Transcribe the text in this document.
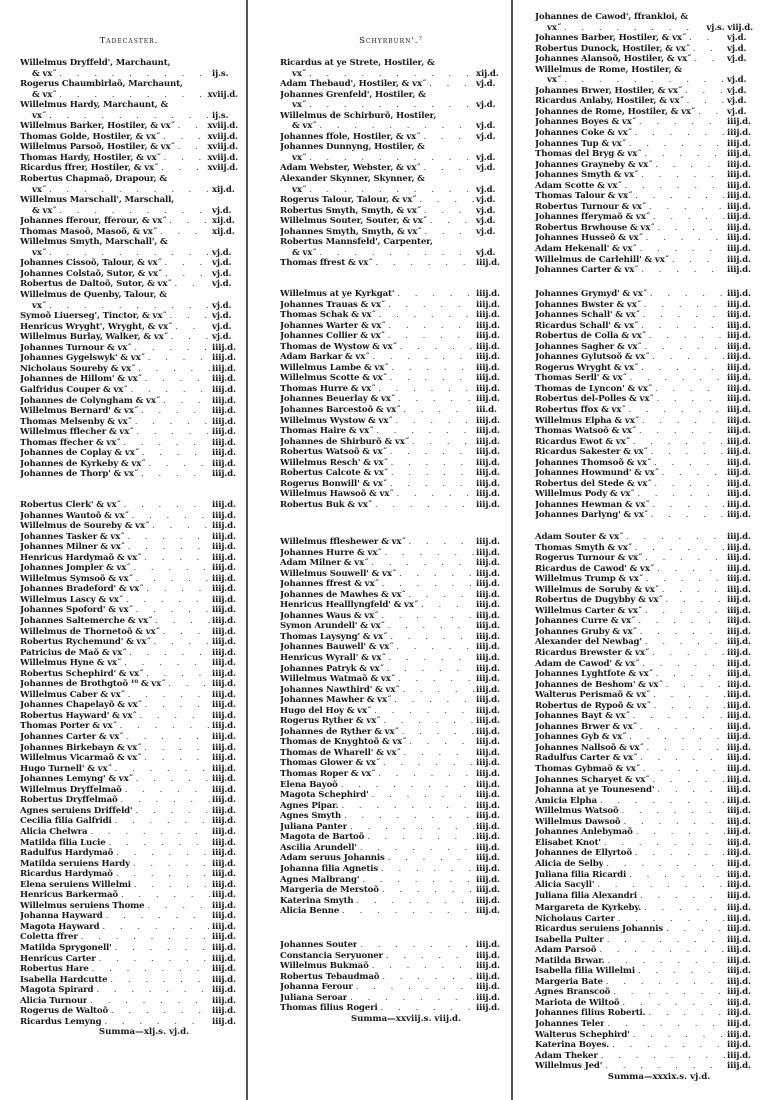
Tadecaster.
Willelmus Dryffeld', Marchaunt,
& vx˝ . . .	ij.s.
Rogerus Chaumbirlaõ, Marchaunt,
& vx˝ . . .	xviij.d.
Willelmus Hardy, Marchaunt, &
vx˝ . . .	ij.s.
Willelmus Barker, Hostiler, & vx˝ . . .	xviij.d.
Thomas Golde, Hostiler, & vx˝ . . .	xviij.d.
Willelmus Parsoõ, Hostiler, & vx˝ . . .	xviij.d.
Thomas Hardy, Hostiler, & vx˝ . . .	xviij.d.
Ricardus ffrer, Hostiler, & vx˝ . . .	xviij.d.
Robertus Chapmaõ, Drapour, &
vx˝ . . .	xij.d.
Willelmus Marschall', Marschall,
& vx˝ . . .	vj.d.
Johannes fferour, fferour, & vx˝ . . .	xij.d.
Thomas Masoõ, Masoõ, & vx˝ . . .	xij.d.
Willelmus Smyth, Marschall', &
vx˝ . . .	vj.d.
Johannes Cissoõ, Talour, & vx˝ . . .	vj.d.
Johannes Colstaõ, Sutor, & vx˝ . . .	vj.d.
Robertus de Daltoõ, Sutor, & vx˝ . . .	vj.d.
Willelmus de Quenby, Talour, &
vx˝ . . .	vj.d.
Symoõ Liuerseg', Tinctor, & vx˝ . . .	vj.d.
Henricus Wryght', Wryght, & vx˝ . . .	vj.d.
Willelmus Burlay, Walker, & vx˝ . . .	vj.d.
Johannes Turnour & vx˝ . . .	iiij.d.
Johannes Gygelswyk' & vx˝ . . .	iiij.d.
Nicholaus Soureby & vx˝ . . .	iiij.d.
Johannes de Hillom' & vx˝ . . .	iiij.d.
Galfridus Couper & vx˝ . . .	iiij.d.
Johannes de Colyngham & vx˝ . . .	iiij.d.
Willelmus Bernard' & vx˝ . . .	iiij.d.
Thomas Melsenby & vx˝ . . .	iiij.d.
Willelmus fflecher & vx˝ . . .	iiij.d.
Thomas ffecher & vx˝ . . .	iiij.d.
Johannes de Coplay & vx˝ . . .	iiij.d.
Johannes de Kyrkeby & vx˝ . . .	iiij.d.
Johannes de Thorp' & vx˝ . . .	iiij.d.
Robertus Clerk' & vx˝ . . .	iiij.d.
Johannes Wautoõ & vx˝ . . .	iiij.d.
Willelmus de Soureby & vx˝ . . .	iiij.d.
Johannes Tasker & vx˝ . . .	iiij.d.
Johannes Milner & vx˝ . . .	iiij.d.
Henricus Hardymaõ & vx˝ . . .	iiij.d.
Johannes Jompler & vx˝ . . .	iiij.d.
Willelmus Symsoõ & vx˝ . . .	iiij.d.
Johannes Bradeford' & vx˝ . . .	iiij.d.
Willelmus Lascy & vx˝ . . .	iiij.d.
Johannes Spoford' & vx˝ . . .	iiij.d.
Johannes Saltemerche & vx˝ . . .	iiij.d.
Willelmus de Thornetoõ & vx˝ . . .	iiij.d.
Robertus Rychemund' & vx˝ . . .	iiij.d.
Patricius de Maõ & vx˝ . . .	iiij.d.
Willelmus Hyne & vx˝ . . .	iiij.d.
Robertus Schephird' & vx˝ . . .	iiij.d.
Johannes de Brothgtoõ ¹⁰ & vx˝ . . .	iiij.d.
Willelmus Caber & vx˝ . . .	iiij.d.
Johannes Chapelayõ & vx˝ . . .	iiij.d.
Robertus Hayward' & vx˝ . . .	iiij.d.
Thomas Porter & vx˝ . . .	iiij.d.
Johannes Carter & vx˝ . . .	iiij.d.
Johannes Birkebayn & vx˝ . . .	iiij.d.
Willelmus Vicarmaõ & vx˝ . . .	iiij.d.
Hugo Turnell' & vx˝ . . .	iiij.d.
Johannes Lemyng' & vx˝ . . .	iiij.d.
Willelmus Dryffelmaõ . . .	iiij.d.
Robertus Dryffelmaõ . . .	iiij.d.
Agnes seruiens Driffeld' . . .	iiij.d.
Cecilia filia Galfridi . . .	iiij.d.
Alicia Chelwra . . .	iiij.d.
Matilda filia Lucie . . .	iiij.d.
Radulfus Hardymaõ . . .	iiij.d.
Matilda seruiens Hardy . . .	iiij.d.
Ricardus Hardymaõ . . .	iiij.d.
Elena seruiens Willelmi . . .	iiij.d.
Henricus Barkermaõ . . .	iiij.d.
Willelmus seruiens Thome . . .	iiij.d.
Johanna Hayward . . .	iiij.d.
Magota Hayward . . .	iiij.d.
Coletta ffrer . . .	iiij.d.
Matilda Sprygonell' . . .	iiij.d.
Henricus Carter . . .	iiij.d.
Robertus Hare . . .	iiij.d.
Isabella Hardcutte . . .	iiij.d.
Magota Spirard . . .	iiij.d.
Alicia Turnour . . .	iiij.d.
Rogerus de Waltoõ . . .	iiij.d.
Ricardus Lemyng . . .	iiij.d.
Summa—xlj.s. vj.d.
Schyrburn'.⁷
Ricardus at ye Strete, Hostiler, &
vx˝ . . .	xij.d.
Adam Thebaud', Hostiler, & vx˝ . . .	vj.d.
Johannes Grenfeld', Hostiler, &
vx˝ . . .	vj.d.
Willelmus de Schirburõ, Hostiler,
& vx˝ . . .	vj.d.
Johannes ffole, Hostiler, & vx˝ . . .	vj.d.
Johannes Dunnyng, Hostiler, &
vx˝ . . .	vj.d.
Adam Webster, Webster, & vx˝ . . .	vj.d.
Alexander Skynner, Skynner, &
vx˝ . . .	vj.d.
Rogerus Talour, Talour, & vx˝ . . .	vj.d.
Robertus Smyth, Smyth, & vx˝ . . .	vj.d.
Willelmus Souter, Souter, & vx˝ . . .	vj.d.
Johannes Smyth, Smyth, & vx˝ . . .	vj.d.
Robertus Mannsfeld', Carpenter,
& vx˝ . . .	vj.d.
Thomas ffrest & vx˝ . . .	iiij.d.
Willelmus at ye Kyrkgat' . . .	iiij.d.
Johannes Trauas & vx˝ . . .	iiij.d.
Thomas Schak & vx˝ . . .	iiij.d.
Johannes Warter & vx˝ . . .	iiij.d.
Johannes Collier & vx˝ . . .	iiij.d.
Thomas de Wystow & vx˝ . . .	iiij.d.
Adam Barkar & vx˝ . . .	iiij.d.
Willelmus Lambe & vx˝ . . .	iiij.d.
Willelmus Scotte & vx˝ . . .	iiij.d.
Thomas Hurre & vx˝ . . .	iiij.d.
Johannes Beuerlay & vx˝ . . .	iiij.d.
Johannes Barcestoõ & vx˝ . . .	iii.d.
Willelmus Wystow & vx˝ . . .	iiij.d.
Thomas Haire & vx˝ . . .	iiij.d.
Johannes de Shirburõ & vx˝ . . .	iiij.d.
Robertus Watsoõ & vx˝ . . .	iiij.d.
Willelmus Resch' & vx˝ . . .	iiij.d.
Robertus Calcote & vx˝ . . .	iiij.d.
Rogerus Bonwill' & vx˝ . . .	iiij.d.
Willelmus Hawsoõ & vx˝ . . .	iiij.d.
Robertus Buk & vx˝ . . .	iiij.d.
Willelmus ffleshewer & vx˝ . . .	iiij.d.
Johannes Hurre & vx˝ . . .	iiij.d.
Adam Milner & vx˝ . . .	iiij.d.
Willelmus Souwell' & vx˝ . . .	iiij.d.
Johannes ffrest & vx˝ . . .	iiij.d.
Johannes de Mawhes & vx˝ . . .	iiij.d.
Henricus Healllyngfeld' & vx˝ . . .	iiij.d.
Johannes Waus & vx˝ . . .	iiij.d.
Symon Arundell' & vx˝ . . .	iiij.d.
Thomas Laysyng' & vx˝ . . .	iiij.d.
Johannes Bauwell' & vx˝ . . .	iiij.d.
Henricus Wyrall' & vx˝ . . .	iiij.d.
Johannes Patryk & vx˝ . . .	iiij.d.
Willelmus Watmaõ & vx˝ . . .	iiij.d.
Johannes Nawthird' & vx˝ . . .	iiij.d.
Johannes Mawher & vx˝ . . .	iiij.d.
Hugo del Hoy & vx˝ . . .	iiij.d.
Rogerus Ryther & vx˝ . . .	iiij.d.
Johannes de Ryther & vx˝ . . .	iiij.d.
Thomas de Knyghtoõ & vx˝ . . .	iiij.d.
Thomas de Wharell' & vx˝ . . .	iiij.d.
Thomas Glower & vx˝ . . .	iiij.d.
Thomas Roper & vx˝ . . .	iiij.d.
Elena Bayoõ . . .	iiij.d.
Magota Schephird' . . .	iiij.d.
Agnes Pipar. . . .	iiij.d.
Agnes Smyth . . .	iiij.d.
Juliana Panter . . .	iiij.d.
Magota de Bartoõ . . .	iiij.d.
Ascilia Arundell' . . .	iiij.d.
Adam seruus Johannis . . .	iiij.d.
Johanna filia Agnetis . . .	iiij.d.
Agnes Malbrang' . . .	iiij.d.
Margeria de Merstoõ . . .	iiij.d.
Katerina Smyth . . .	iiij.d.
Alicia Benne . . .	iiij.d.
Johannes Souter . . .	iiij.d.
Constancia Seryuoner . . .	iiij.d.
Willelmus Bukmaõ . . .	iiij.d.
Robertus Tebaudmaõ . . .	iiij.d.
Johanna Ferour . . .	iiij.d.
Juliana Seroar . . .	iiij.d.
Thomas filius Rogeri . . .	iiij.d.
Summa—xxviij.s. viij.d.
Johannes de Cawod', ffrankloi, &
vx˝ . . .	vj.s. viij.d.
Johannes Barber, Hostiler, & vx˝ . . .	vj.d.
Robertus Dunock, Hostiler, & vx˝ . . .	vj.d.
Johannes Alansoõ, Hostiler, & vx˝ . . .	vj.d.
Willelmus de Rome, Hostiler, &
vx˝ . . .	vj.d.
Johannes Brwer, Hostiler, & vx˝ . . .	vj.d.
Ricardus Anlaby, Hostiler, & vx˝ . . .	vj.d.
Johannes de Rome, Hostiler, & vx˝ . . .	vj.d.
Johannes Boyes & vx˝ . . .	iiij.d.
Johannes Coke & vx˝ . . .	iiij.d.
Johannes Tup & vx˝ . . .	iiij.d.
Thomas del Bryg & vx˝ . . .	iiij.d.
Johannes Grayneby & vx˝ . . .	iiij.d.
Johannes Smyth & vx˝ . . .	iiij.d.
Adam Scotte & vx˝ . . .	iiij.d.
Thomas Talour & vx˝ . . .	iiij.d.
Robertus Turnour & vx˝ . . .	iiij.d.
Johannes fferymaõ & vx˝ . . .	iiij.d.
Robertus Brwhouse & vx˝ . . .	iiij.d.
Johannes Husseõ & vx˝ . . .	iiij.d.
Adam Hekenall' & vx˝ . . .	iiij.d.
Willelmus de Carlehill' & vx˝ . . .	iiij.d.
Johannes Carter & vx˝ . . .	iiij.d.
Johannes Grymyd' & vx˝ . . .	iiij.d.
Johannes Bwster & vx˝ . . .	iiij.d.
Johannes Schall' & vx˝ . . .	iiij.d.
Ricardus Schall' & vx˝ . . .	iiij.d.
Robertus de Colla & vx˝ . . .	iiij.d.
Johannes Sagher & vx˝ . . .	iiij.d.
Johannes Gylutsoõ & vx˝ . . .	iiij.d.
Rogerus Wryght & vx˝ . . .	iiij.d.
Thomas Serll' & vx˝ . . .	iiij.d.
Thomas de Lyncon' & vx˝ . . .	iiij.d.
Robertus del-Polles & vx˝ . . .	iiij.d.
Robertus ffox & vx˝ . . .	iiij.d.
Willelmus Elpha & vx˝ . . .	iiij.d.
Thomas Watsoõ & vx˝ . . .	iiij.d.
Ricardus Ewot & vx˝ . . .	iiij.d.
Ricardus Sakester & vx˝ . . .	iiij.d.
Johannes Thomsoõ & vx˝ . . .	iiij.d.
Johannes Howmund' & vx˝ . . .	iiij.d.
Robertus del Stede & vx˝ . . .	iiij.d.
Willelmus Pody & vx˝ . . .	iiij.d.
Johannes Hewman & vx˝ . . .	iiij.d.
Johannes Darlyng' & vx˝ . . .	iiij.d.
Adam Souter & vx˝ . . .	iiij.d.
Thomas Smyth & vx˝ . . .	iiij.d.
Rogerus Turnour & vx˝ . . .	iiij.d.
Ricardus de Cawod' & vx˝ . . .	iiij.d.
Willelmus Trump & vx˝ . . .	iiij.d.
Willelmus de Soruby & vx˝ . . .	iiij.d.
Robertus de Dugybby & vx˝ . . .	iiij.d.
Willelmus Carter & vx˝ . . .	iiij.d.
Johannes Curre & vx˝ . . .	iiij.d.
Johannes Gruby & vx˝ . . .	iiij.d.
Alexander del Newbag' . . .	iiij.d.
Ricardus Brewster & vx˝ . . .	iiij.d.
Adam de Cawod' & vx˝ . . .	iiij.d.
Johannes Lyghtfote & vx˝ . . .	iiij.d.
Johannes de Beshom' & vx˝ . . .	iiij.d.
Walterus Perismaõ & vx˝ . . .	iiij.d.
Robertus de Rypoõ & vx˝ . . .	iiij.d.
Johannes Bayt & vx˝ . . .	iiij.d.
Johannes Brwer & vx˝ . . .	iiij.d.
Johannes Gyb & vx˝ . . .	iiij.d.
Johannes Nallsoõ & vx˝ . . .	iiij.d.
Radulfus Carter & vx˝ . . .	iiij.d.
Thomas Gybmaõ & vx˝ . . .	iiij.d.
Johannes Scharyet & vx˝ . . .	iiij.d.
Johanna at ye Tounesend' . . .	iiij.d.
Amicia Elpha . . .	iiij.d.
Willelmus Watsoõ . . .	iiij.d.
Willelmus Dawsoõ . . .	iiij.d.
Johannes Anlebymaõ . . .	iiij.d.
Elisabet Knot' . . .	iiij.d.
Johannes de Ellyrtoõ . . .	iiij.d.
Alicia de Selby . . .	iiij.d.
Juliana filia Ricardi . . .	iiij.d.
Alicia Sacyll' . . .	iiij.d.
Juliana filia Alexandri . . .	iiij.d.
Margareta de Kyrkeby. . . .	iiij.d.
Nicholaus Carter . . .	iiij.d.
Ricardus seruiens Johannis . . .	iiij.d.
Isabella Pulter . . .	iiij.d.
Adam Parsoõ . . .	iiij.d.
Matilda Brwar. . . .	iiij.d.
Isabella filia Willelmi . . .	iiij.d.
Margeria Bate . . .	iiij.d.
Agnes Branscoõ . . .	iiij.d.
Mariota de Wiltoõ . . .	iiij.d.
Johannes filius Roberti. . . .	iiij.d.
Johannes Teler . . .	iiij.d.
Walterus Schephird' . . .	iiij.d.
Katerina Boyes. . . .	iiij.d.
Adam Theker . . .	iiij.d.
Willelmus Jed' . . .	iiij.d.
Summa—xxxix.s. vj.d.
